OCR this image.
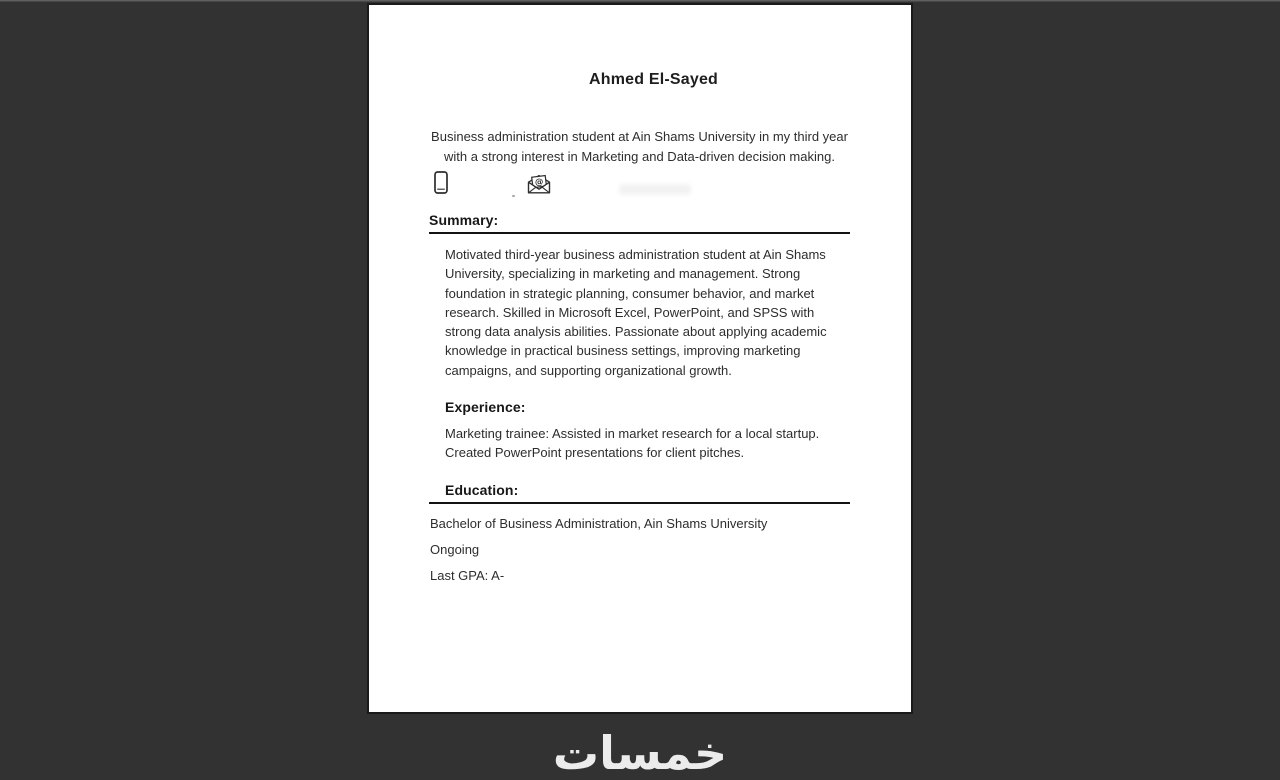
Ahmed El-Sayed

Business administration student at Ain Shams University in my third year with a strong interest in Marketing and Data-driven decision making.

@
Summary:

Motivated third-year business administration student at Ain Shams University, specializing in marketing and management. Strong foundation in strategic planning, consumer behavior, and market research. Skilled in Microsoft Excel, PowerPoint, and SPSS with strong data analysis abilities. Passionate about applying academic knowledge in practical business settings, improving marketing campaigns, and supporting organizational growth.

Experience:

Marketing trainee: Assisted in market research for a local startup. Created PowerPoint presentations for client pitches.

Education:

Bachelor of Business Administration, Ain Shams University

Ongoing

Last GPA: A-

خمسات
